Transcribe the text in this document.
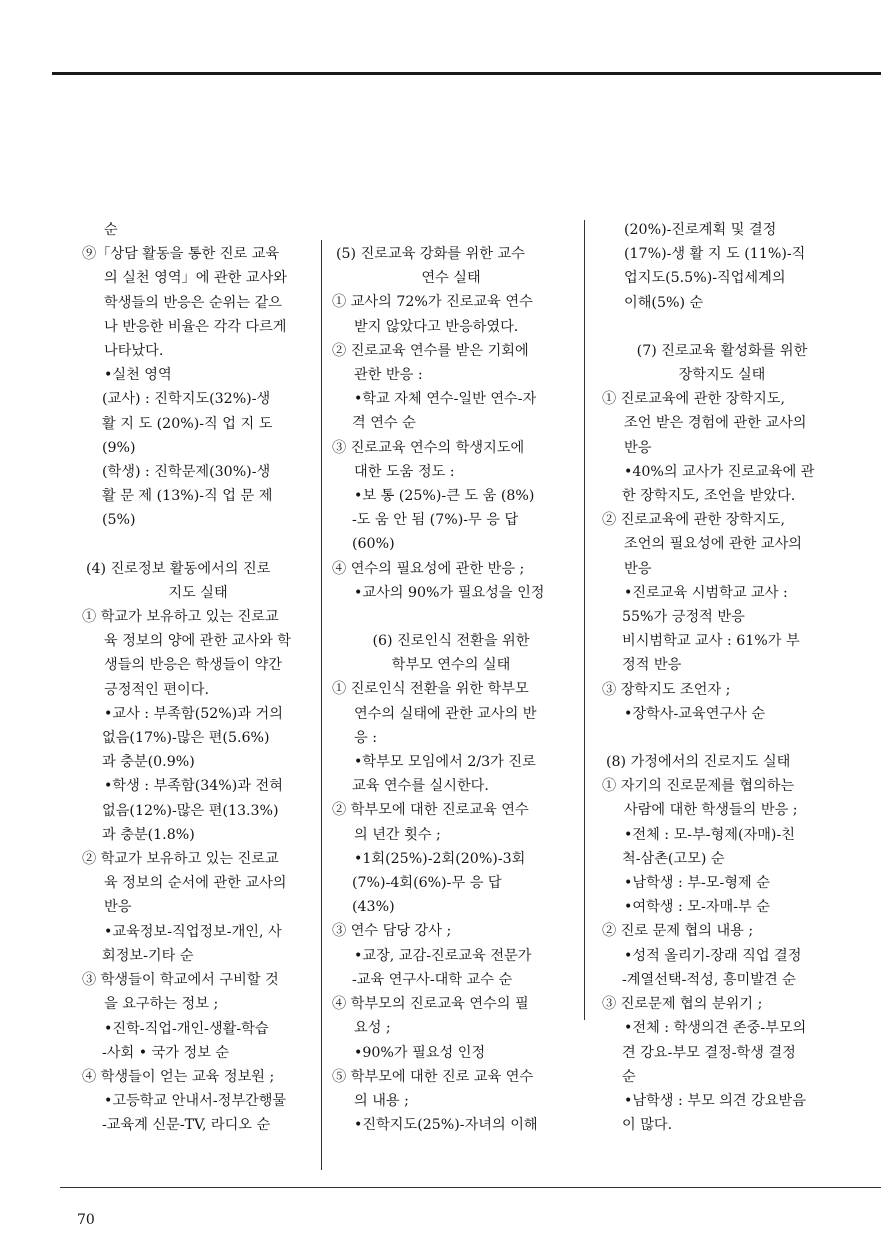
순
⑨「상담 활동을 통한 진로 교육
의 실천 영역」에 관한 교사와
학생들의 반응은 순위는 같으
나 반응한 비율은 각각 다르게
나타났다.
•실천 영역
(교사) : 진학지도(32%)-생
활 지 도 (20%)-직 업 지 도
(9%)
(학생) : 진학문제(30%)-생
활 문 제 (13%)-직 업 문 제
(5%)
(4) 진로정보 활동에서의 진로
지도 실태
① 학교가 보유하고 있는 진로교
육 정보의 양에 관한 교사와 학
생들의 반응은 학생들이 약간
긍정적인 편이다.
•교사 : 부족함(52%)과 거의
없음(17%)-많은 편(5.6%)
과 충분(0.9%)
•학생 : 부족함(34%)과 전혀
없음(12%)-많은 편(13.3%)
과 충분(1.8%)
② 학교가 보유하고 있는 진로교
육 정보의 순서에 관한 교사의
반응
•교육정보-직업정보-개인, 사
회정보-기타 순
③ 학생들이 학교에서 구비할 것
을 요구하는 정보 ;
•진학-직업-개인-생활-학습
-사회 • 국가 정보 순
④ 학생들이 얻는 교육 정보원 ;
•고등학교 안내서-정부간행물
-교육계 신문-TV, 라디오 순
(5) 진로교육 강화를 위한 교수
연수 실태
① 교사의 72%가 진로교육 연수
받지 않았다고 반응하였다.
② 진로교육 연수를 받은 기회에
관한 반응 :
•학교 자체 연수-일반 연수-자
격 연수 순
③ 진로교육 연수의 학생지도에
대한 도움 정도 :
•보 통 (25%)-큰 도 움 (8%)
-도 움 안 됨 (7%)-무 응 답
(60%)
④ 연수의 필요성에 관한 반응 ;
•교사의 90%가 필요성을 인정
(6) 진로인식 전환을 위한
학부모 연수의 실태
① 진로인식 전환을 위한 학부모
연수의 실태에 관한 교사의 반
응 :
•학부모 모임에서 2/3가 진로
교육 연수를 실시한다.
② 학부모에 대한 진로교육 연수
의 년간 횟수 ;
•1회(25%)-2회(20%)-3회
(7%)-4회(6%)-무 응 답
(43%)
③ 연수 담당 강사 ;
•교장, 교감-진로교육 전문가
-교육 연구사-대학 교수 순
④ 학부모의 진로교육 연수의 필
요성 ;
•90%가 필요성 인정
⑤ 학부모에 대한 진로 교육 연수
의 내용 ;
•진학지도(25%)-자녀의 이해
(20%)-진로계획 및 결정
(17%)-생 활 지 도 (11%)-직
업지도(5.5%)-직업세계의
이해(5%) 순
(7) 진로교육 활성화를 위한
장학지도 실태
① 진로교육에 관한 장학지도,
조언 받은 경험에 관한 교사의
반응
•40%의 교사가 진로교육에 관
한 장학지도, 조언을 받았다.
② 진로교육에 관한 장학지도,
조언의 필요성에 관한 교사의
반응
•진로교육 시범학교 교사 :
55%가 긍정적 반응
비시범학교 교사 : 61%가 부
정적 반응
③ 장학지도 조언자 ;
•장학사-교육연구사 순
(8) 가정에서의 진로지도 실태
① 자기의 진로문제를 협의하는
사람에 대한 학생들의 반응 ;
•전체 : 모-부-형제(자매)-친
척-삼촌(고모) 순
•남학생 : 부-모-형제 순
•여학생 : 모-자매-부 순
② 진로 문제 협의 내용 ;
•성적 올리기-장래 직업 결정
-계열선택-적성, 흥미발견 순
③ 진로문제 협의 분위기 ;
•전체 : 학생의견 존중-부모의
견 강요-부모 결정-학생 결정
순
•남학생 : 부모 의견 강요받음
이 많다.
70
